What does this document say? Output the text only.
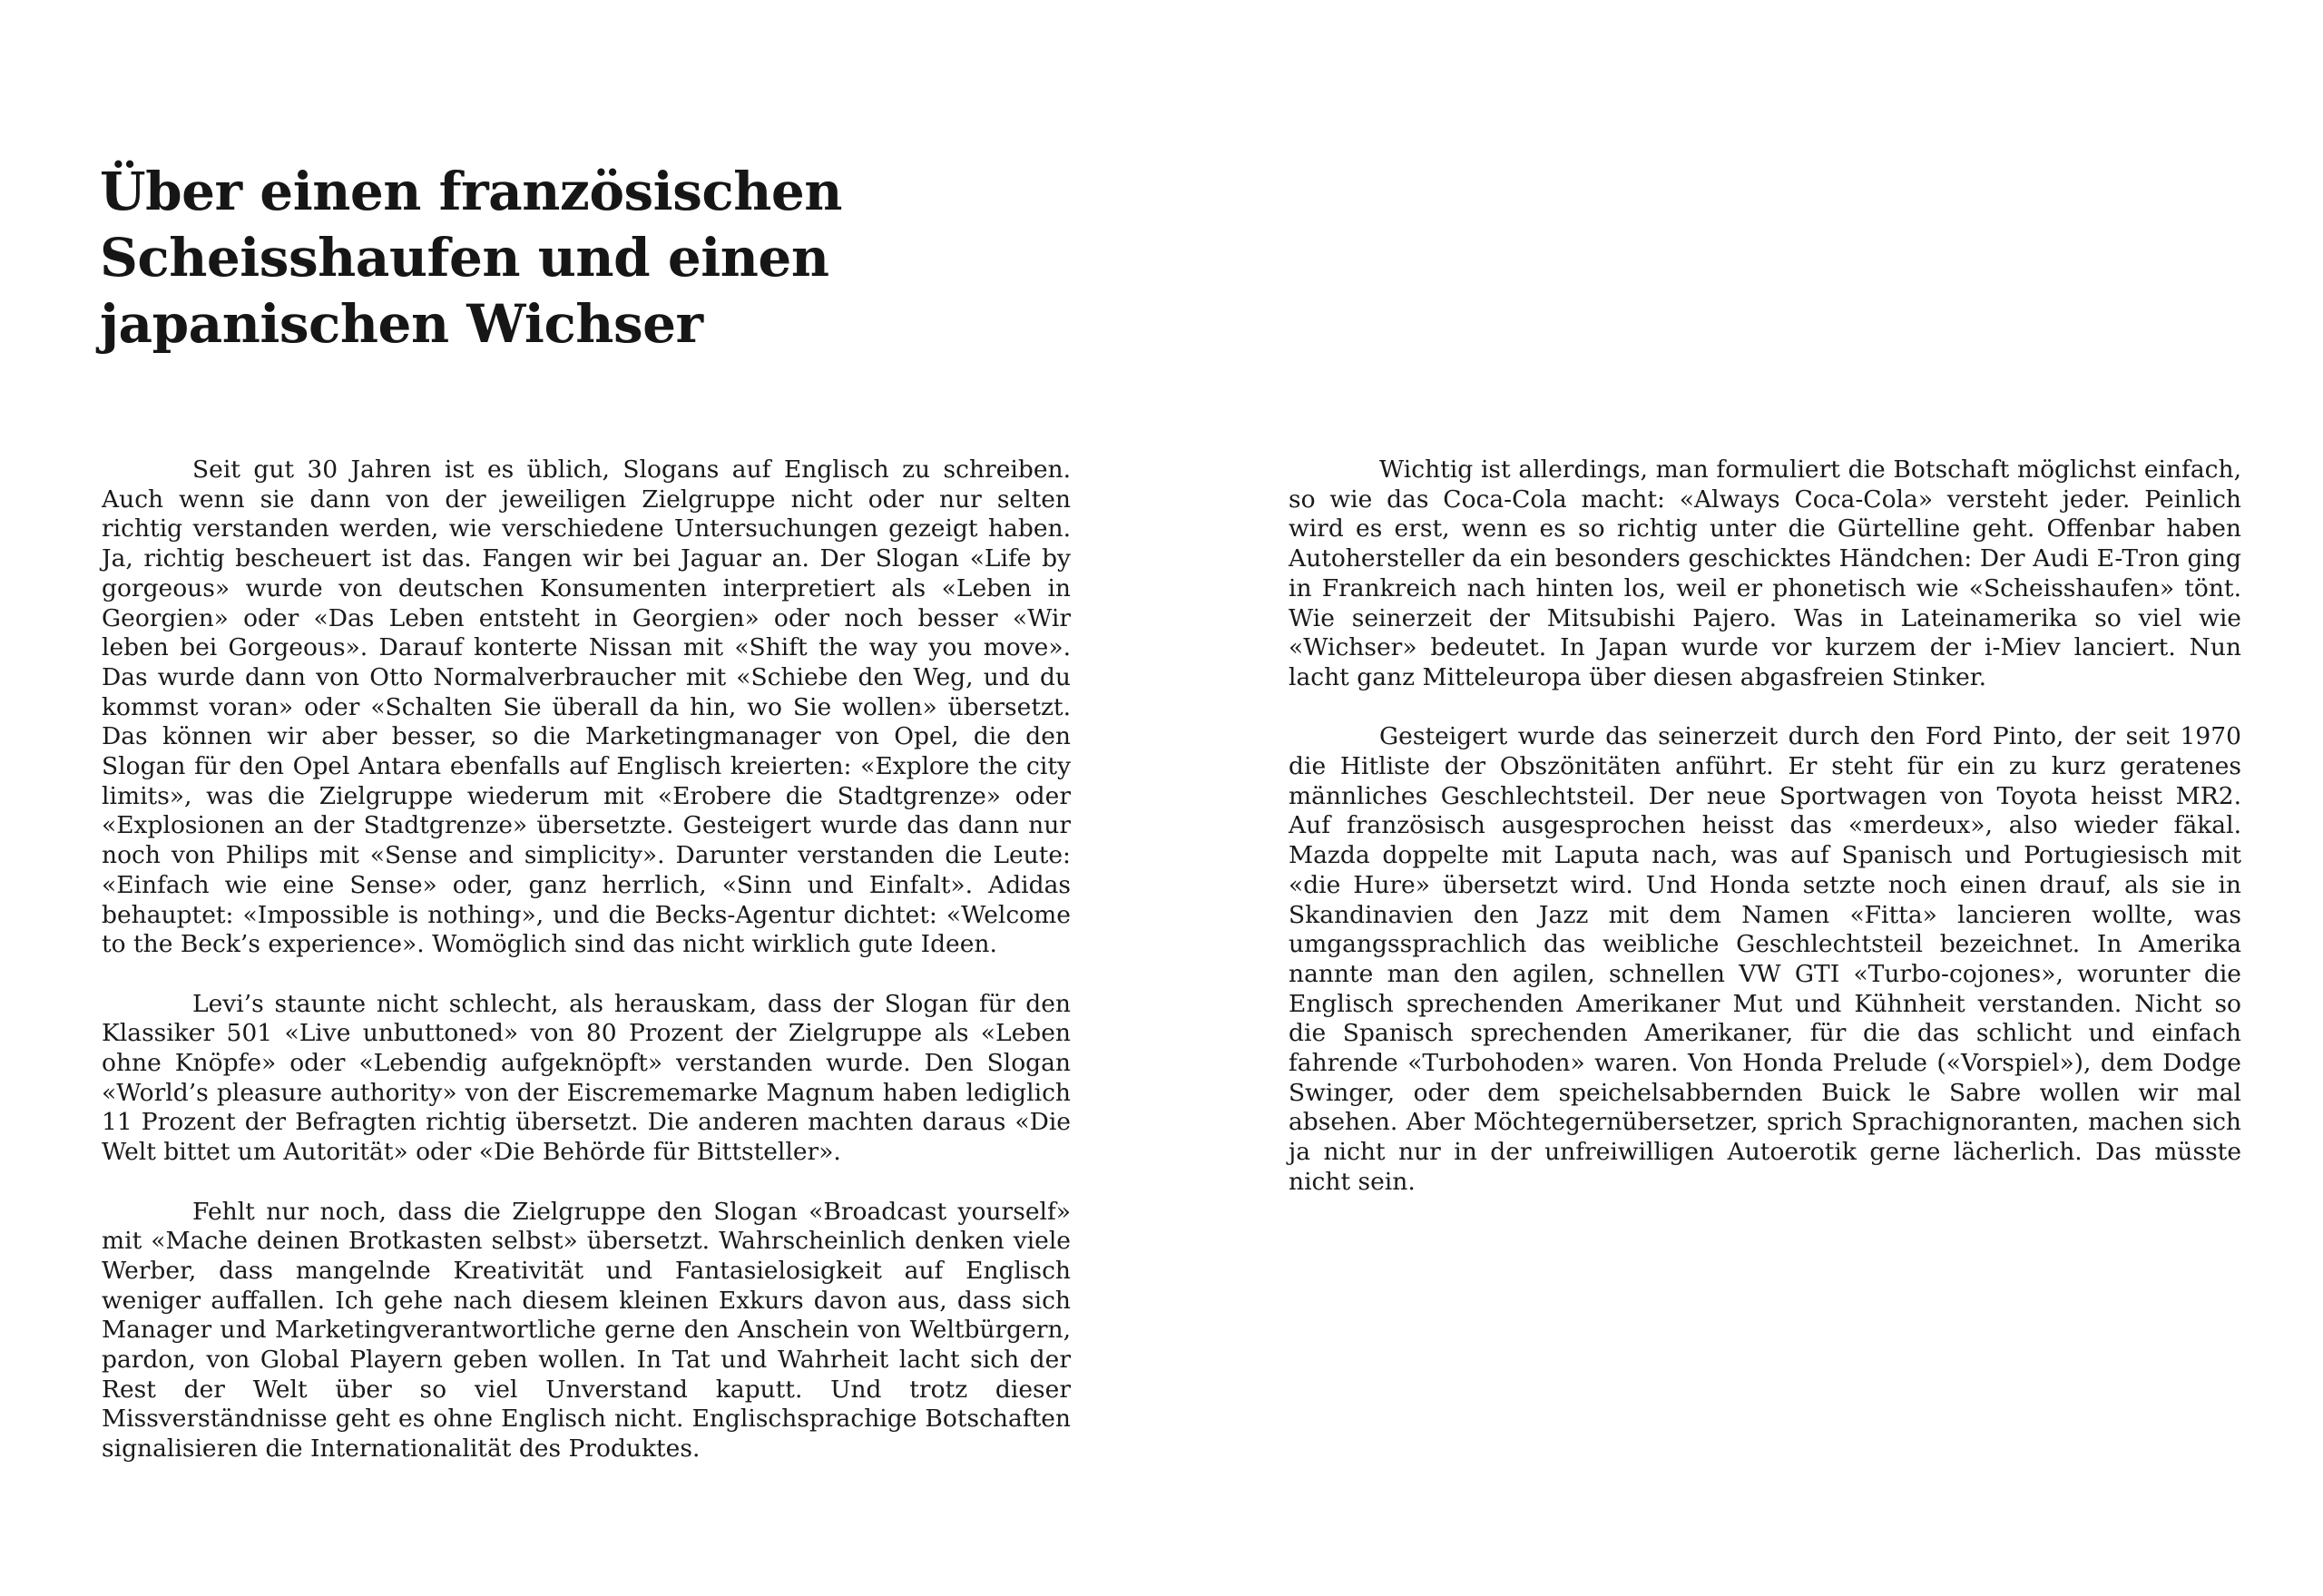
Über einen französischen
Scheisshaufen und einen
japanischen Wichser

Seit gut 30 Jahren ist es üblich, Slogans auf Englisch zu schreiben. Auch wenn sie dann von der jeweiligen Zielgruppe nicht oder nur selten richtig verstanden werden, wie verschiedene Untersuchungen gezeigt haben. Ja, richtig bescheuert ist das. Fangen wir bei Jaguar an. Der Slogan «Life by gorgeous» wurde von deutschen Konsumenten interpretiert als «Leben in Georgien» oder «Das Leben entsteht in Georgien» oder noch besser «Wir leben bei Gorgeous». Darauf konterte Nissan mit «Shift the way you move». Das wurde dann von Otto Normalverbraucher mit «Schiebe den Weg, und du kommst voran» oder «Schalten Sie überall da hin, wo Sie wollen» übersetzt. Das können wir aber besser, so die Marketingmanager von Opel, die den Slogan für den Opel Antara ebenfalls auf Englisch kreierten: «Explore the city limits», was die Zielgruppe wiederum mit «Erobere die Stadtgrenze» oder «Explosionen an der Stadtgrenze» übersetzte. Gesteigert wurde das dann nur noch von Philips mit «Sense and simplicity». Darunter verstanden die Leute: «Einfach wie eine Sense» oder, ganz herrlich, «Sinn und Einfalt». Adidas behauptet: «Impossible is nothing», und die Becks-Agentur dichtet: «Welcome to the Beck’s experience». Womöglich sind das nicht wirklich gute Ideen.

Levi’s staunte nicht schlecht, als herauskam, dass der Slogan für den Klassiker 501 «Live unbuttoned» von 80 Prozent der Zielgruppe als «Leben ohne Knöpfe» oder «Lebendig aufgeknöpft» verstanden wurde. Den Slogan «World’s pleasure authority» von der Eiscrememarke Magnum haben lediglich 11 Prozent der Befragten richtig übersetzt. Die anderen machten daraus «Die Welt bittet um Autorität» oder «Die Behörde für Bittsteller».

Fehlt nur noch, dass die Zielgruppe den Slogan «Broadcast yourself» mit «Mache deinen Brotkasten selbst» übersetzt. Wahrscheinlich denken viele Werber, dass mangelnde Kreativität und Fantasielosigkeit auf Englisch weniger auffallen. Ich gehe nach diesem kleinen Exkurs davon aus, dass sich Manager und Marketingverantwortliche gerne den Anschein von Weltbürgern, pardon, von Global Playern geben wollen. In Tat und Wahrheit lacht sich der Rest der Welt über so viel Unverstand kaputt. Und trotz dieser Missverständnisse geht es ohne Englisch nicht. Englischsprachige Botschaften signalisieren die Internationalität des Produktes.

Wichtig ist allerdings, man formuliert die Botschaft möglichst einfach, so wie das Coca-Cola macht: «Always Coca-Cola» versteht jeder. Peinlich wird es erst, wenn es so richtig unter die Gürtelline geht. Offenbar haben Autohersteller da ein besonders geschicktes Händchen: Der Audi E-Tron ging in Frankreich nach hinten los, weil er phonetisch wie «Scheisshaufen» tönt. Wie seinerzeit der Mitsubishi Pajero. Was in Lateinamerika so viel wie «Wichser» bedeutet. In Japan wurde vor kurzem der i-Miev lanciert. Nun lacht ganz Mitteleuropa über diesen abgasfreien Stinker.

Gesteigert wurde das seinerzeit durch den Ford Pinto, der seit 1970 die Hitliste der Obszönitäten anführt. Er steht für ein zu kurz geratenes männliches Geschlechtsteil. Der neue Sportwagen von Toyota heisst MR2. Auf französisch ausgesprochen heisst das «merdeux», also wieder fäkal. Mazda doppelte mit Laputa nach, was auf Spanisch und Portugiesisch mit «die Hure» übersetzt wird. Und Honda setzte noch einen drauf, als sie in Skandinavien den Jazz mit dem Namen «Fitta» lancieren wollte, was umgangssprachlich das weibliche Geschlechtsteil bezeichnet. In Amerika nannte man den agilen, schnellen VW GTI «Turbo-cojones», worunter die Englisch sprechenden Amerikaner Mut und Kühnheit verstanden. Nicht so die Spanisch sprechenden Amerikaner, für die das schlicht und einfach fahrende «Turbohoden» waren. Von Honda Prelude («Vorspiel»), dem Dodge Swinger, oder dem speichelsabbernden Buick le Sabre wollen wir mal absehen. Aber Möchtegernübersetzer, sprich Sprachignoranten, machen sich ja nicht nur in der unfreiwilligen Autoerotik gerne lächerlich. Das müsste nicht sein.
